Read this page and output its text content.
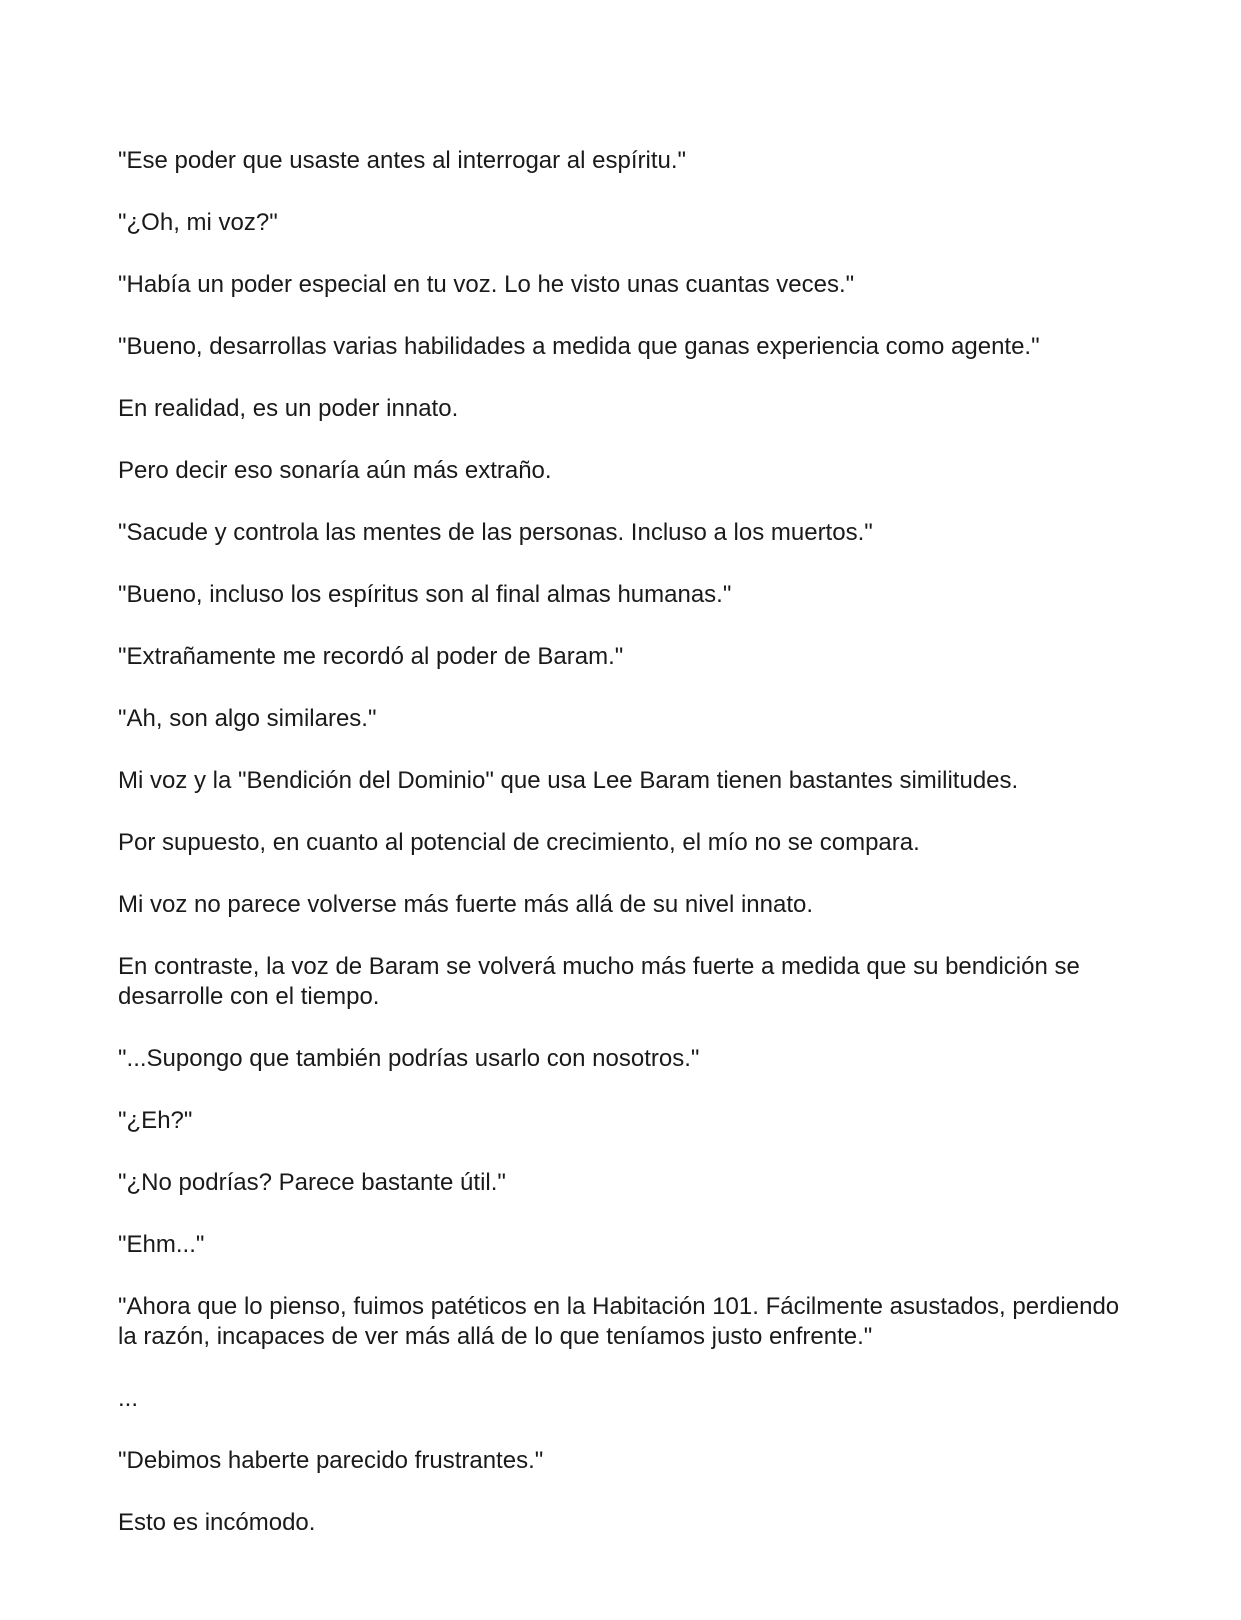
"Ese poder que usaste antes al interrogar al espíritu."

"¿Oh, mi voz?"

"Había un poder especial en tu voz. Lo he visto unas cuantas veces."

"Bueno, desarrollas varias habilidades a medida que ganas experiencia como agente."

En realidad, es un poder innato.

Pero decir eso sonaría aún más extraño.

"Sacude y controla las mentes de las personas. Incluso a los muertos."

"Bueno, incluso los espíritus son al final almas humanas."

"Extrañamente me recordó al poder de Baram."

"Ah, son algo similares."

Mi voz y la "Bendición del Dominio" que usa Lee Baram tienen bastantes similitudes.

Por supuesto, en cuanto al potencial de crecimiento, el mío no se compara.

Mi voz no parece volverse más fuerte más allá de su nivel innato.

En contraste, la voz de Baram se volverá mucho más fuerte a medida que su bendición se desarrolle con el tiempo.

"...Supongo que también podrías usarlo con nosotros."

"¿Eh?"

"¿No podrías? Parece bastante útil."

"Ehm..."

"Ahora que lo pienso, fuimos patéticos en la Habitación 101. Fácilmente asustados, perdiendo la razón, incapaces de ver más allá de lo que teníamos justo enfrente."

...

"Debimos haberte parecido frustrantes."

Esto es incómodo.
